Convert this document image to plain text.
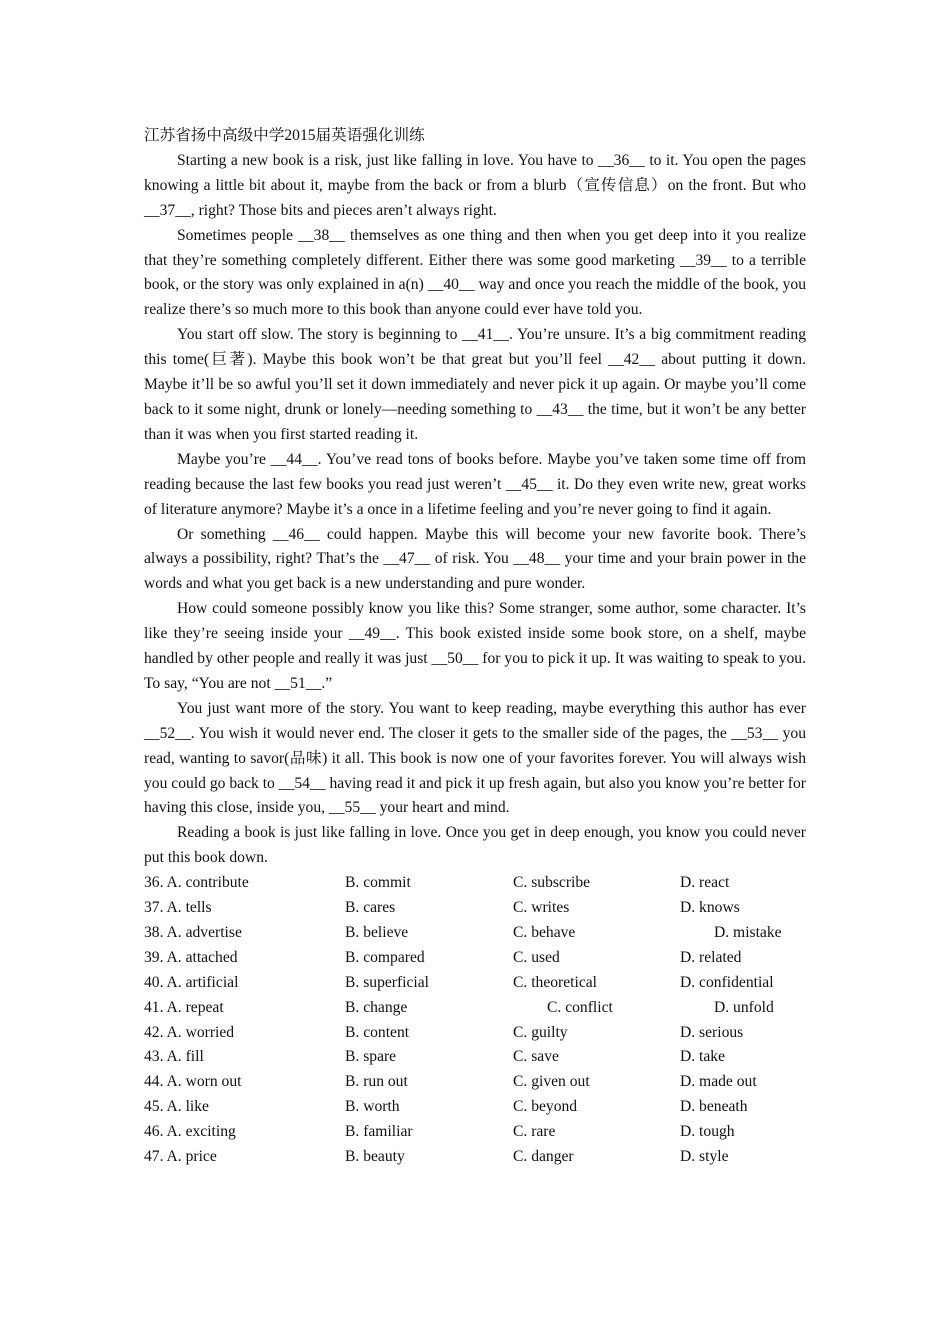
江苏省扬中高级中学2015届英语强化训练

Starting a new book is a risk, just like falling in love. You have to __36__ to it. You open the pages knowing a little bit about it, maybe from the back or from a blurb（宣传信息）on the front. But who __37__, right? Those bits and pieces aren’t always right.

Sometimes people __38__ themselves as one thing and then when you get deep into it you realize that they’re something completely different. Either there was some good marketing __39__ to a terrible book, or the story was only explained in a(n) __40__ way and once you reach the middle of the book, you realize there’s so much more to this book than anyone could ever have told you.

You start off slow. The story is beginning to __41__. You’re unsure. It’s a big commitment reading this tome(巨著). Maybe this book won’t be that great but you’ll feel __42__ about putting it down. Maybe it’ll be so awful you’ll set it down immediately and never pick it up again. Or maybe you’ll come back to it some night, drunk or lonely—needing something to __43__ the time, but it won’t be any better than it was when you first started reading it.

Maybe you’re __44__. You’ve read tons of books before. Maybe you’ve taken some time off from reading because the last few books you read just weren’t __45__ it. Do they even write new, great works of literature anymore? Maybe it’s a once in a lifetime feeling and you’re never going to find it again.

Or something __46__ could happen. Maybe this will become your new favorite book. There’s always a possibility, right? That’s the __47__ of risk. You __48__ your time and your brain power in the words and what you get back is a new understanding and pure wonder.

How could someone possibly know you like this? Some stranger, some author, some character. It’s like they’re seeing inside your __49__. This book existed inside some book store, on a shelf, maybe handled by other people and really it was just __50__ for you to pick it up. It was waiting to speak to you. To say, “You are not __51__.”

You just want more of the story. You want to keep reading, maybe everything this author has ever __52__. You wish it would never end. The closer it gets to the smaller side of the pages, the __53__ you read, wanting to savor(品味) it all. This book is now one of your favorites forever. You will always wish you could go back to __54__ having read it and pick it up fresh again, but also you know you’re better for having this close, inside you, __55__ your heart and mind.

Reading a book is just like falling in love. Once you get in deep enough, you know you could never put this book down.

36. A. contribute	B. commit	C. subscribe	D. react
37. A. tells	B. cares	C. writes	D. knows
38. A. advertise	B. believe	C. behave	D. mistake
39. A. attached	B. compared	C. used	D. related
40. A. artificial	B. superficial	C. theoretical	D. confidential
41. A. repeat	B. change	C. conflict	D. unfold
42. A. worried	B. content	C. guilty	D. serious
43. A. fill	B. spare	C. save	D. take
44. A. worn out	B. run out	C. given out	D. made out
45. A. like	B. worth	C. beyond	D. beneath
46. A. exciting	B. familiar	C. rare	D. tough
47. A. price	B. beauty	C. danger	D. style
